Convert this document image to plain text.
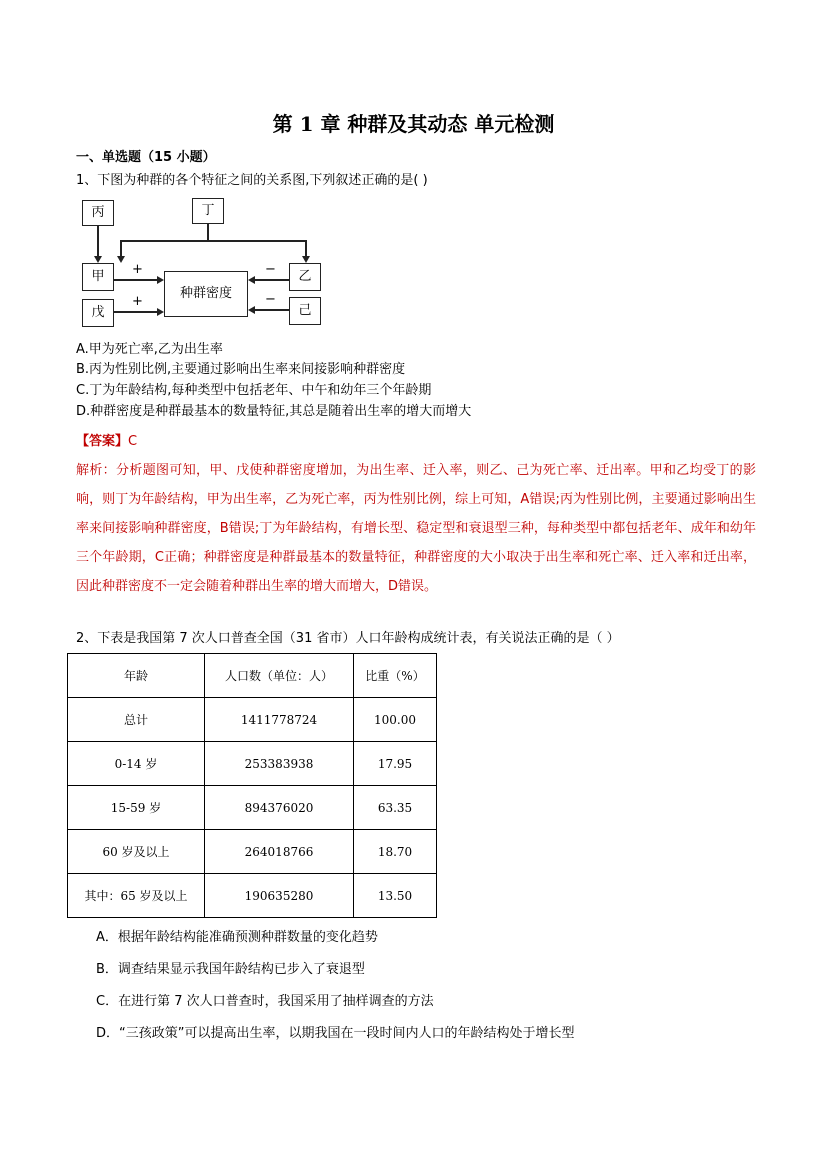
第 1 章 种群及其动态 单元检测
一、单选题（15 小题）
1、下图为种群的各个特征之间的关系图,下列叙述正确的是( )
丙	丁
甲
戊
乙
己
种群密度
+
+
−
−
A.甲为死亡率,乙为出生率
B.丙为性别比例,主要通过影响出生率来间接影响种群密度
C.丁为年龄结构,每种类型中包括老年、中午和幼年三个年龄期
D.种群密度是种群最基本的数量特征,其总是随着出生率的增大而增大
【答案】C
解析：分析题图可知，甲、戊使种群密度增加，为出生率、迁入率，则乙、己为死亡率、迁出率。甲和乙均受丁的影响，则丁为年龄结构，甲为出生率，乙为死亡率，丙为性别比例，综上可知，A错误;丙为性别比例，主要通过影响出生率来间接影响种群密度，B错误;丁为年龄结构，有增长型、稳定型和衰退型三种，每种类型中都包括老年、成年和幼年三个年龄期，C正确；种群密度是种群最基本的数量特征，种群密度的大小取决于出生率和死亡率、迁入率和迁出率，因此种群密度不一定会随着种群出生率的增大而增大，D错误。
2、下表是我国第 7 次人口普查全国（31 省市）人口年龄构成统计表，有关说法正确的是（ ）
年龄	人口数（单位：人）	比重（%）
总计	1411778724	100.00
0-14 岁	253383938	17.95
15-59 岁	894376020	63.35
60 岁及以上	264018766	18.70
其中：65 岁及以上	190635280	13.50
A．根据年龄结构能准确预测种群数量的变化趋势
B．调查结果显示我国年龄结构已步入了衰退型
C．在进行第 7 次人口普查时，我国采用了抽样调查的方法
D．“三孩政策”可以提高出生率，以期我国在一段时间内人口的年龄结构处于增长型
